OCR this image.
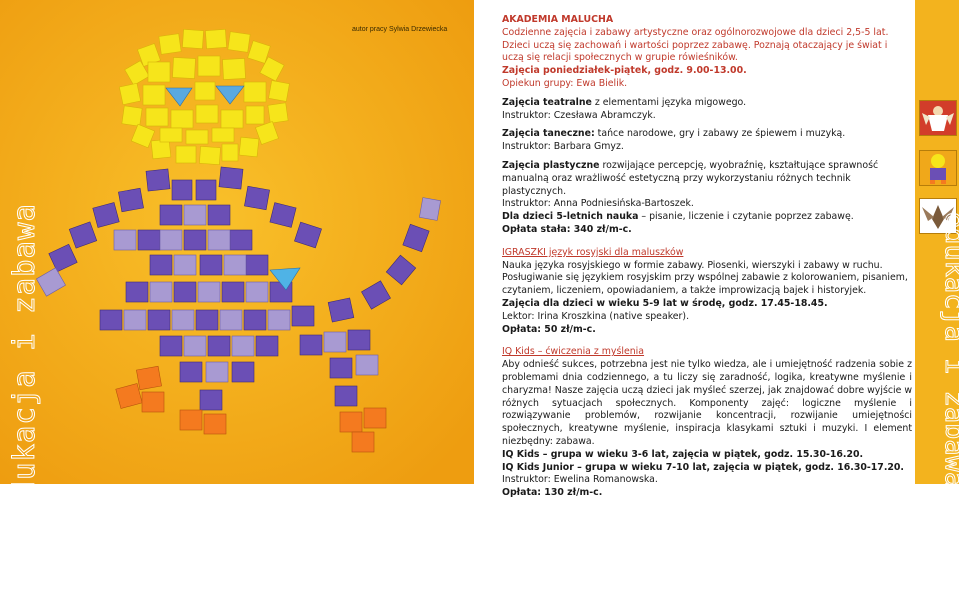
autor pracy Sylwia Drzewiecka
edukacja i zabawa

AKADEMIA MALUCHA

Codzienne zajęcia i zabawy artystyczne oraz ogólnorozwojowe dla dzieci 2,5-5 lat. Dzieci uczą się zachowań i wartości poprzez zabawę. Poznają otaczający je świat i uczą się relacji społecznych w grupie rówieśników.

Zajęcia poniedziałek-piątek, godz. 9.00-13.00.

Opiekun grupy: Ewa Bielik.

Zajęcia teatralne z elementami języka migowego.

Instruktor: Czesława Abramczyk.

Zajęcia taneczne: tańce narodowe, gry i zabawy ze śpiewem i muzyką.

Instruktor: Barbara Gmyz.

Zajęcia plastyczne rozwijające percepcję, wyobraźnię, kształtujące sprawność manualną oraz wrażliwość estetyczną przy wykorzystaniu różnych technik plastycznych.

Instruktor: Anna Podniesińska-Bartoszek.

Dla dzieci 5-letnich nauka – pisanie, liczenie i czytanie poprzez zabawę.

Opłata stała: 340 zł/m-c.

IGRASZKI język rosyjski dla maluszków

Nauka języka rosyjskiego w formie zabawy. Piosenki, wierszyki i zabawy w ruchu. Posługiwanie się językiem rosyjskim przy wspólnej zabawie z kolorowaniem, pisaniem, czytaniem, liczeniem, opowiadaniem, a także improwizacją bajek i historyjek.

Zajęcia dla dzieci w wieku 5-9 lat w środę, godz. 17.45-18.45.

Lektor: Irina Kroszkina (native speaker).

Opłata: 50 zł/m-c.

IQ Kids – ćwiczenia z myślenia

Aby odnieść sukces, potrzebna jest nie tylko wiedza, ale i umiejętność radzenia sobie z problemami dnia codziennego, a tu liczy się zaradność, logika, kreatywne myślenie i charyzma! Nasze zajęcia uczą dzieci jak myśleć szerzej, jak znajdować dobre wyjście w różnych sytuacjach społecznych. Komponenty zajęć: logiczne myślenie i rozwiązywanie problemów, rozwijanie koncentracji, rozwijanie umiejętności społecznych, kreatywne myślenie, inspiracja klasykami sztuki i muzyki. I element niezbędny: zabawa.

IQ Kids – grupa w wieku 3-6 lat, zajęcia w piątek, godz. 15.30-16.20.

IQ Kids Junior – grupa w wieku 7-10 lat, zajęcia w piątek, godz. 16.30-17.20.

Instruktor: Ewelina Romanowska.

Opłata: 130 zł/m-c.

edukacja i zabawa
